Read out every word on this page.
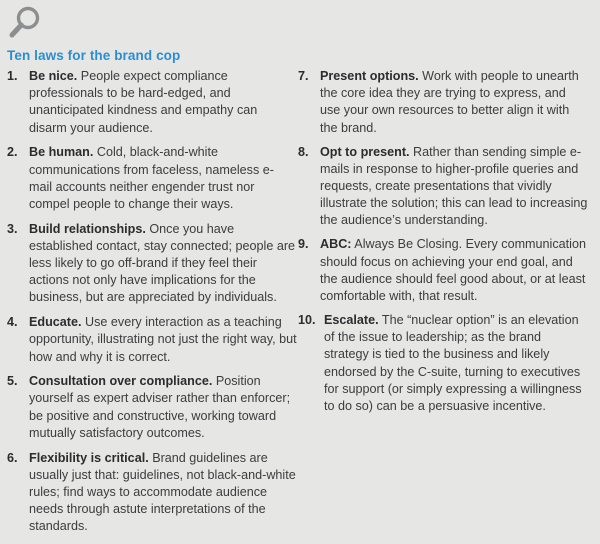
Ten laws for the brand cop
1. Be nice. People expect compliance professionals to be hard-edged, and unanticipated kindness and empathy can disarm your audience.
2. Be human. Cold, black-and-white communications from faceless, nameless e-mail accounts neither engender trust nor compel people to change their ways.
3. Build relationships. Once you have established contact, stay connected; people are less likely to go off-brand if they feel their actions not only have implications for the business, but are appreciated by individuals.
4. Educate. Use every interaction as a teaching opportunity, illustrating not just the right way, but how and why it is correct.
5. Consultation over compliance. Position yourself as expert adviser rather than enforcer; be positive and constructive, working toward mutually satisfactory outcomes.
6. Flexibility is critical. Brand guidelines are usually just that: guidelines, not black-and-white rules; find ways to accommodate audience needs through astute interpretations of the standards.
7. Present options. Work with people to unearth the core idea they are trying to express, and use your own resources to better align it with the brand.
8. Opt to present. Rather than sending simple e-mails in response to higher-profile queries and requests, create presentations that vividly illustrate the solution; this can lead to increasing the audience’s understanding.
9. ABC: Always Be Closing. Every communication should focus on achieving your end goal, and the audience should feel good about, or at least comfortable with, that result.
10. Escalate. The “nuclear option” is an elevation of the issue to leadership; as the brand strategy is tied to the business and likely endorsed by the C-suite, turning to executives for support (or simply expressing a willingness to do so) can be a persuasive incentive.
